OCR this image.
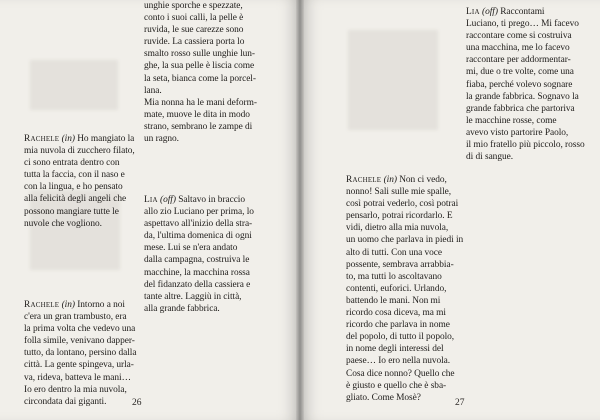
unghie sporche e spezzate,
conto i suoi calli, la pelle è
ruvida, le sue carezze sono
ruvide. La cassiera porta lo
smalto rosso sulle unghie lun-
ghe, la sua pelle è liscia come
la seta, bianca come la porcel-
lana.
Mia nonna ha le mani deform-
mate, muove le dita in modo
strano, sembrano le zampe di
un ragno.

Lia (off) Saltavo in braccio
allo zio Luciano per prima, lo
aspettavo all'inizio della stra-
da, l'ultima domenica di ogni
mese. Lui se n'era andato
dalla campagna, costruiva le
macchine, la macchina rossa
del fidanzato della cassiera e
tante altre. Laggiù in città,
alla grande fabbrica.

Rachele (in) Ho mangiato la
mia nuvola di zucchero filato,
ci sono entrata dentro con
tutta la faccia, con il naso e
con la lingua, e ho pensato
alla felicità degli angeli che
possono mangiare tutte le
nuvole che vogliono.

Rachele (in) Intorno a noi
c'era un gran trambusto, era
la prima volta che vedevo una
folla simile, venivano dapper-
tutto, da lontano, persino dalla
città. La gente spingeva, urla-
va, rideva, batteva le mani…
Io ero dentro la mia nuvola,
circondata dai giganti.	26

Lia (off) Raccontami
Luciano, ti prego… Mi facevo
raccontare come si costruiva
una macchina, me lo facevo
raccontare per addormentar-
mi, due o tre volte, come una
fiaba, perché volevo sognare
la grande fabbrica. Sognavo la
grande fabbrica che partoriva
le macchine rosse, come
avevo visto partorire Paolo,
il mio fratello più piccolo, rosso
di di sangue.

Rachele (in) Non ci vedo,
nonno! Sali sulle mie spalle,
così potrai vederlo, così potrai
pensarlo, potrai ricordarlo. E
vidi, dietro alla mia nuvola,
un uomo che parlava in piedi in
alto di tutti. Con una voce
possente, sembrava arrabbia-
to, ma tutti lo ascoltavano
contenti, euforici. Urlando,
battendo le mani. Non mi
ricordo cosa diceva, ma mi
ricordo che parlava in nome
del popolo, di tutto il popolo,
in nome degli interessi del
paese… Io ero nella nuvola.
Cosa dice nonno? Quello che
è giusto e quello che è sba-
gliato. Come Mosè?

27
